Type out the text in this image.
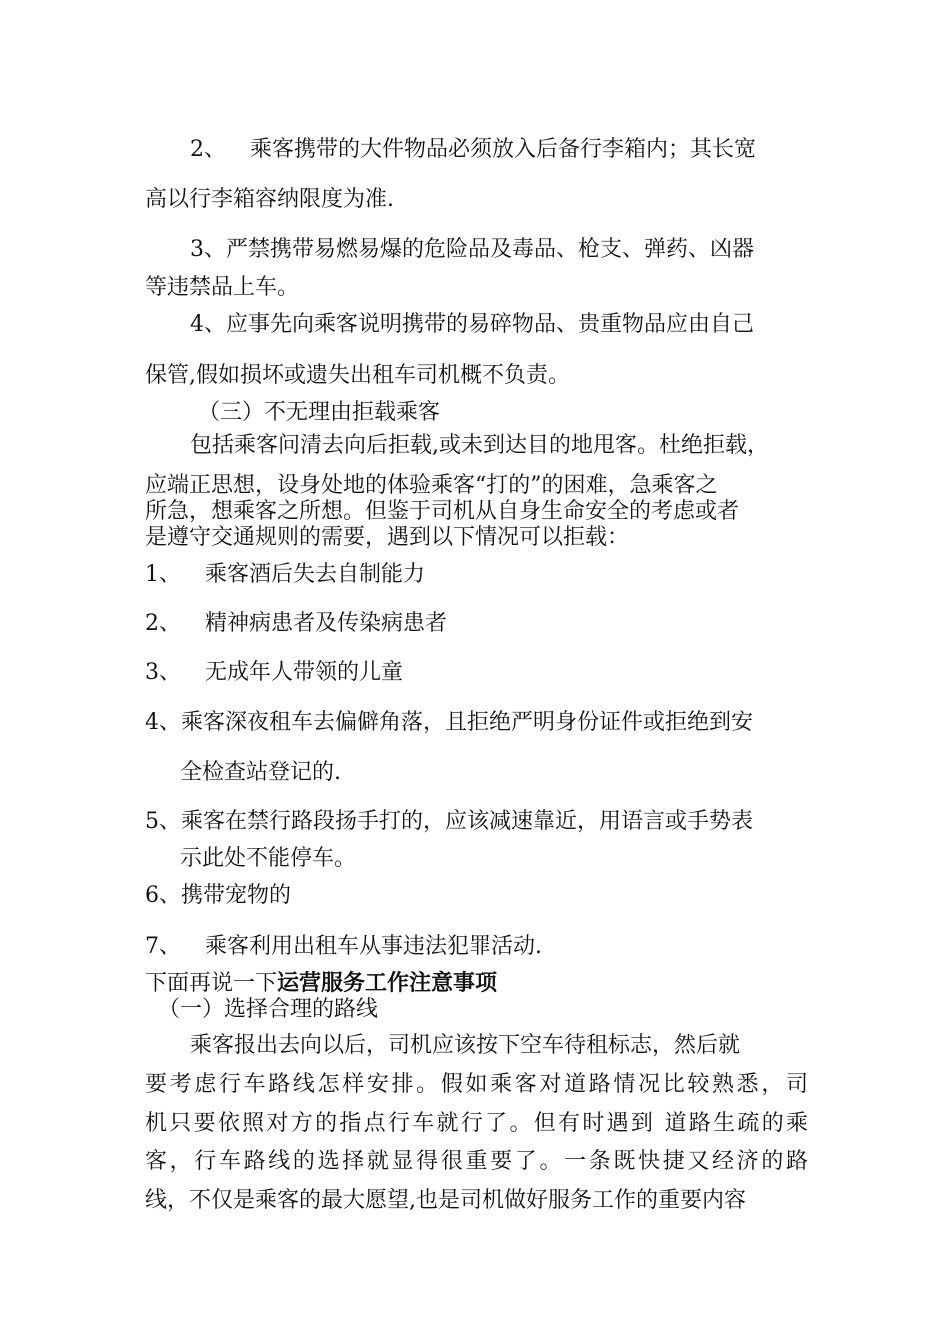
2、 乘客携带的大件物品必须放入后备行李箱内；其长宽
高以行李箱容纳限度为准.
3、严禁携带易燃易爆的危险品及毒品、枪支、弹药、凶器
等违禁品上车。
4、应事先向乘客说明携带的易碎物品、贵重物品应由自己
保管,假如损坏或遗失出租车司机概不负责。
（三）不无理由拒载乘客
包括乘客问清去向后拒载,或未到达目的地甩客。杜绝拒载，
应端正思想，设身处地的体验乘客“打的”的困难，急乘客之
所急，想乘客之所想。但鉴于司机从自身生命安全的考虑或者
是遵守交通规则的需要，遇到以下情况可以拒载：
1、 乘客酒后失去自制能力
2、 精神病患者及传染病患者
3、 无成年人带领的儿童
4、乘客深夜租车去偏僻角落，且拒绝严明身份证件或拒绝到安
全检查站登记的.
5、乘客在禁行路段扬手打的，应该减速靠近，用语言或手势表
示此处不能停车。
6、携带宠物的
7、 乘客利用出租车从事违法犯罪活动.
下面再说一下运营服务工作注意事项
（一）选择合理的路线
乘客报出去向以后，司机应该按下空车待租标志，然后就
要考虑行车路线怎样安排。假如乘客对道路情况比较熟悉，司
机只要依照对方的指点行车就行了。但有时遇到 道路生疏的乘
客，行车路线的选择就显得很重要了。一条既快捷又经济的路
线，不仅是乘客的最大愿望,也是司机做好服务工作的重要内容
